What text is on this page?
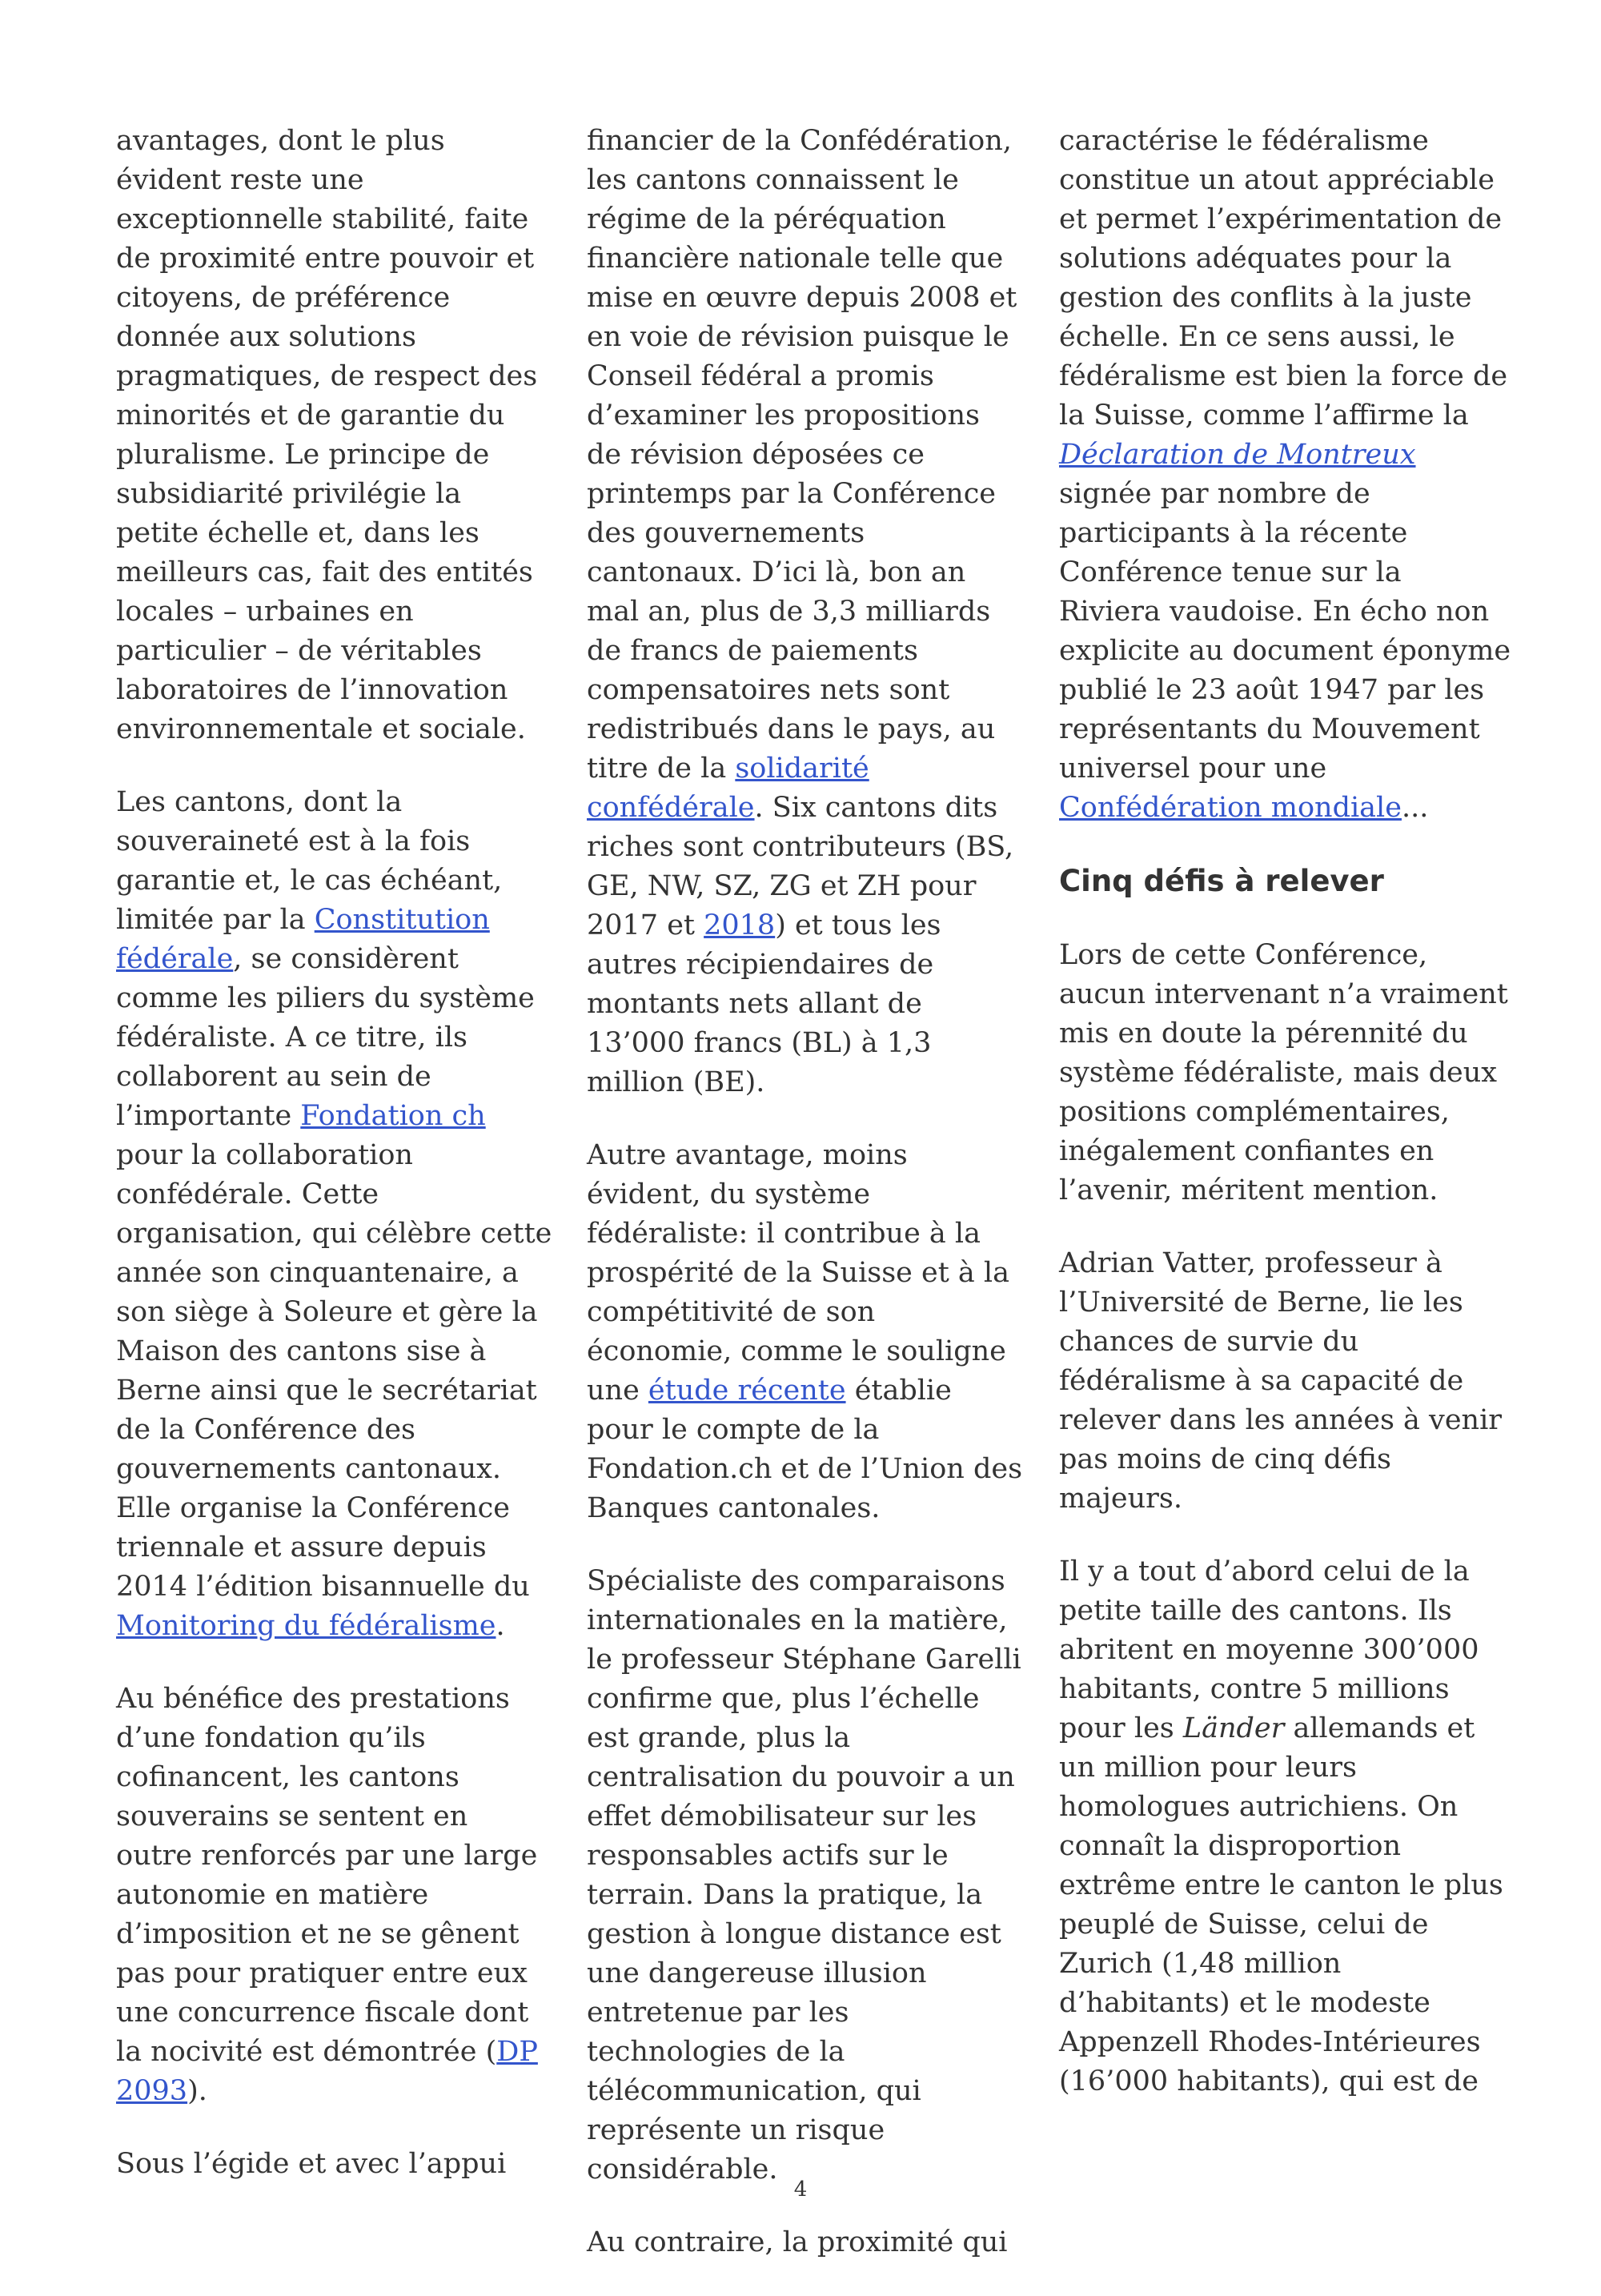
avantages, dont le plus évident reste une exceptionnelle stabilité, faite de proximité entre pouvoir et citoyens, de préférence donnée aux solutions pragmatiques, de respect des minorités et de garantie du pluralisme. Le principe de subsidiarité privilégie la petite échelle et, dans les meilleurs cas, fait des entités locales – urbaines en particulier – de véritables laboratoires de l’innovation environnementale et sociale.

Les cantons, dont la souveraineté est à la fois garantie et, le cas échéant, limitée par la Constitution fédérale, se considèrent comme les piliers du système fédéraliste. A ce titre, ils collaborent au sein de l’importante Fondation ch pour la collaboration confédérale. Cette organisation, qui célèbre cette année son cinquantenaire, a son siège à Soleure et gère la Maison des cantons sise à Berne ainsi que le secrétariat de la Conférence des gouvernements cantonaux. Elle organise la Conférence triennale et assure depuis 2014 l’édition bisannuelle du Monitoring du fédéralisme.

Au bénéfice des prestations d’une fondation qu’ils cofinancent, les cantons souverains se sentent en outre renforcés par une large autonomie en matière d’imposition et ne se gênent pas pour pratiquer entre eux une concurrence fiscale dont la nocivité est démontrée (DP 2093).

Sous l’égide et avec l’appui

financier de la Confédération, les cantons connaissent le régime de la péréquation financière nationale telle que mise en œuvre depuis 2008 et en voie de révision puisque le Conseil fédéral a promis d’examiner les propositions de révision déposées ce printemps par la Conférence des gouvernements cantonaux. D’ici là, bon an mal an, plus de 3,3 milliards de francs de paiements compensatoires nets sont redistribués dans le pays, au titre de la solidarité confédérale. Six cantons dits riches sont contributeurs (BS, GE, NW, SZ, ZG et ZH pour 2017 et 2018) et tous les autres récipiendaires de montants nets allant de 13’000 francs (BL) à 1,3 million (BE).

Autre avantage, moins évident, du système fédéraliste: il contribue à la prospérité de la Suisse et à la compétitivité de son économie, comme le souligne une étude récente établie pour le compte de la Fondation.ch et de l’Union des Banques cantonales.

Spécialiste des comparaisons internationales en la matière, le professeur Stéphane Garelli confirme que, plus l’échelle est grande, plus la centralisation du pouvoir a un effet démobilisateur sur les responsables actifs sur le terrain. Dans la pratique, la gestion à longue distance est une dangereuse illusion entretenue par les technologies de la télécommunication, qui représente un risque considérable.

Au contraire, la proximité qui

caractérise le fédéralisme constitue un atout appréciable et permet l’expérimentation de solutions adéquates pour la gestion des conflits à la juste échelle. En ce sens aussi, le fédéralisme est bien la force de la Suisse, comme l’affirme la Déclaration de Montreux signée par nombre de participants à la récente Conférence tenue sur la Riviera vaudoise. En écho non explicite au document éponyme publié le 23 août 1947 par les représentants du Mouvement universel pour une Confédération mondiale...

Cinq défis à relever

Lors de cette Conférence, aucun intervenant n’a vraiment mis en doute la pérennité du système fédéraliste, mais deux positions complémentaires, inégalement confiantes en l’avenir, méritent mention.

Adrian Vatter, professeur à l’Université de Berne, lie les chances de survie du fédéralisme à sa capacité de relever dans les années à venir pas moins de cinq défis majeurs.

Il y a tout d’abord celui de la petite taille des cantons. Ils abritent en moyenne 300’000 habitants, contre 5 millions pour les Länder allemands et un million pour leurs homologues autrichiens. On connaît la disproportion extrême entre le canton le plus peuplé de Suisse, celui de Zurich (1,48 million d’habitants) et le modeste Appenzell Rhodes-Intérieures (16’000 habitants), qui est de

4
